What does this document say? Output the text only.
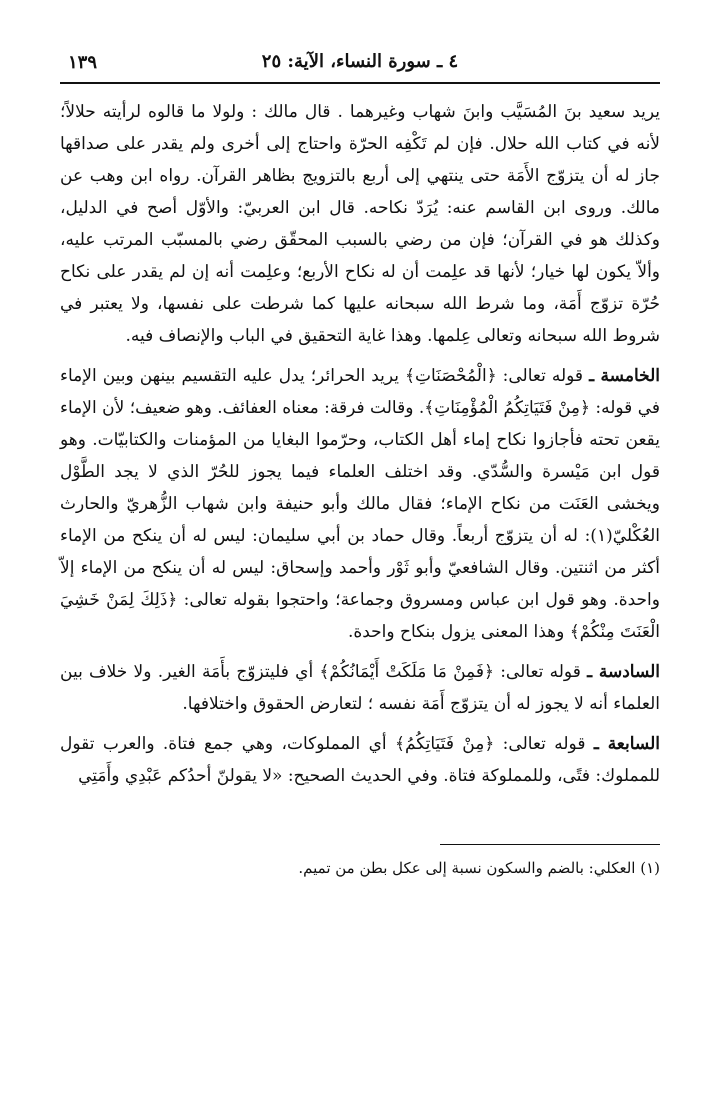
٤ ـ سورة النساء، الآية: ٢٥
١٣٩

يريد سعيد بنَ المُسَيَّب وابنَ شهاب وغيرهما . قال مالك : ولولا ما قالوه لرأيته حلالاً؛ لأنه في كتاب الله حلال. فإن لم تَكْفِه الحرّة واحتاج إلى أخرى ولم يقدر على صداقها جاز له أن يتزوّج الأَمَة حتى ينتهي إلى أربع بالتزويج بظاهر القرآن. رواه ابن وهب عن مالك. وروى ابن القاسم عنه: يُرَدّ نكاحه. قال ابن العربيّ: والأوّل أصح في الدليل، وكذلك هو في القرآن؛ فإن من رضي بالسبب المحقّق رضي بالمسبّب المرتب عليه، وألاّ يكون لها خيار؛ لأنها قد علِمت أن له نكاح الأربع؛ وعلِمت أنه إن لم يقدر على نكاح حُرّة تزوّج أَمَة، وما شرط الله سبحانه عليها كما شرطت على نفسها، ولا يعتبر في شروط الله سبحانه وتعالى عِلمها. وهذا غاية التحقيق في الباب والإنصاف فيه.

الخامسة ـ قوله تعالى: ﴿الْمُحْصَنَاتِ﴾ يريد الحرائر؛ يدل عليه التقسيم بينهن وبين الإماء في قوله: ﴿مِنْ فَتَيَاتِكُمُ الْمُؤْمِنَاتِ﴾. وقالت فرقة: معناه العفائف. وهو ضعيف؛ لأن الإماء يقعن تحته فأجازوا نكاح إماء أهل الكتاب، وحرّموا البغايا من المؤمنات والكتابيّات. وهو قول ابن مَيْسرة والسُّدّي. وقد اختلف العلماء فيما يجوز للحُرّ الذي لا يجد الطَّوْل ويخشى العَنَت من نكاح الإماء؛ فقال مالك وأبو حنيفة وابن شهاب الزُّهريّ والحارث العُكْليّ(١): له أن يتزوّج أربعاً. وقال حماد بن أبي سليمان: ليس له أن ينكح من الإماء أكثر من اثنتين. وقال الشافعيّ وأبو ثَوْر وأحمد وإسحاق: ليس له أن ينكح من الإماء إلاّ واحدة. وهو قول ابن عباس ومسروق وجماعة؛ واحتجوا بقوله تعالى: ﴿ذَلِكَ لِمَنْ خَشِيَ الْعَنَتَ مِنْكُمْ﴾ وهذا المعنى يزول بنكاح واحدة.

السادسة ـ قوله تعالى: ﴿فَمِنْ مَا مَلَكَتْ أَيْمَانُكُمْ﴾ أي فليتزوّج بأَمَة الغير. ولا خلاف بين العلماء أنه لا يجوز له أن يتزوّج أَمَة نفسه ؛ لتعارض الحقوق واختلافها.

السابعة ـ قوله تعالى: ﴿مِنْ فَتَيَاتِكُمُ﴾ أي المملوكات، وهي جمع فتاة. والعرب تقول للمملوك: فتًى، وللمملوكة فتاة. وفي الحديث الصحيح: «لا يقولنّ أحدُكم عَبْدِي وأَمَتِي

(١) العكلي: بالضم والسكون نسبة إلى عكل بطن من تميم.
